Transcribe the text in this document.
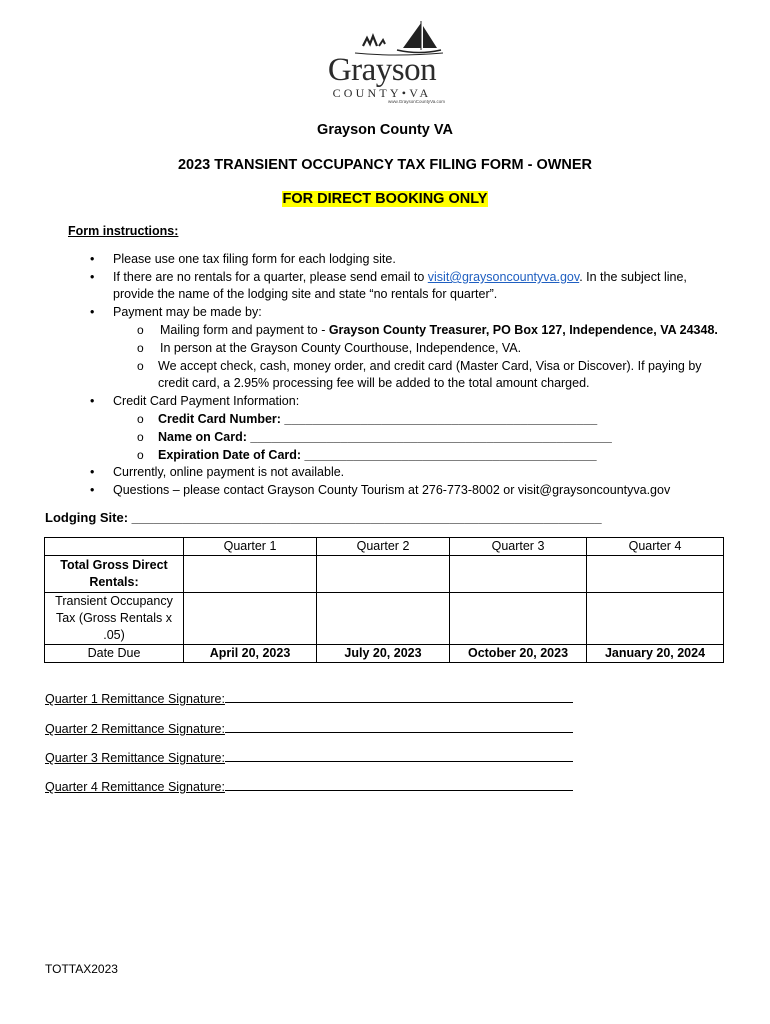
Grayson
COUNTY•VA
www.GraysonCountyVa.com
Grayson County VA
2023 TRANSIENT OCCUPANCY TAX FILING FORM - OWNER
FOR DIRECT BOOKING ONLY
Form instructions:
• Please use one tax filing form for each lodging site.
• If there are no rentals for a quarter, please send email to visit@graysoncountyva.gov. In the subject line,
provide the name of the lodging site and state “no rentals for quarter”.
• Payment may be made by:
o Mailing form and payment to - Grayson County Treasurer, PO Box 127, Independence, VA 24348.
o In person at the Grayson County Courthouse, Independence, VA.
o We accept check, cash, money order, and credit card (Master Card, Visa or Discover). If paying by
credit card, a 2.95% processing fee will be added to the total amount charged.
• Credit Card Payment Information:
o Credit Card Number: _____________________________________________
o Name on Card: ____________________________________________________
o Expiration Date of Card: __________________________________________
• Currently, online payment is not available.
• Questions – please contact Grayson County Tourism at 276-773-8002 or visit@graysoncountyva.gov
Lodging Site: _________________________________________________________________
	Quarter 1	Quarter 2	Quarter 3	Quarter 4
Total Gross Direct Rentals:				
Transient Occupancy Tax (Gross Rentals x .05)				
Date Due	April 20, 2023	July 20, 2023	October 20, 2023	January 20, 2024
Quarter 1 Remittance Signature:
Quarter 2 Remittance Signature:
Quarter 3 Remittance Signature:
Quarter 4 Remittance Signature:
TOTTAX2023
